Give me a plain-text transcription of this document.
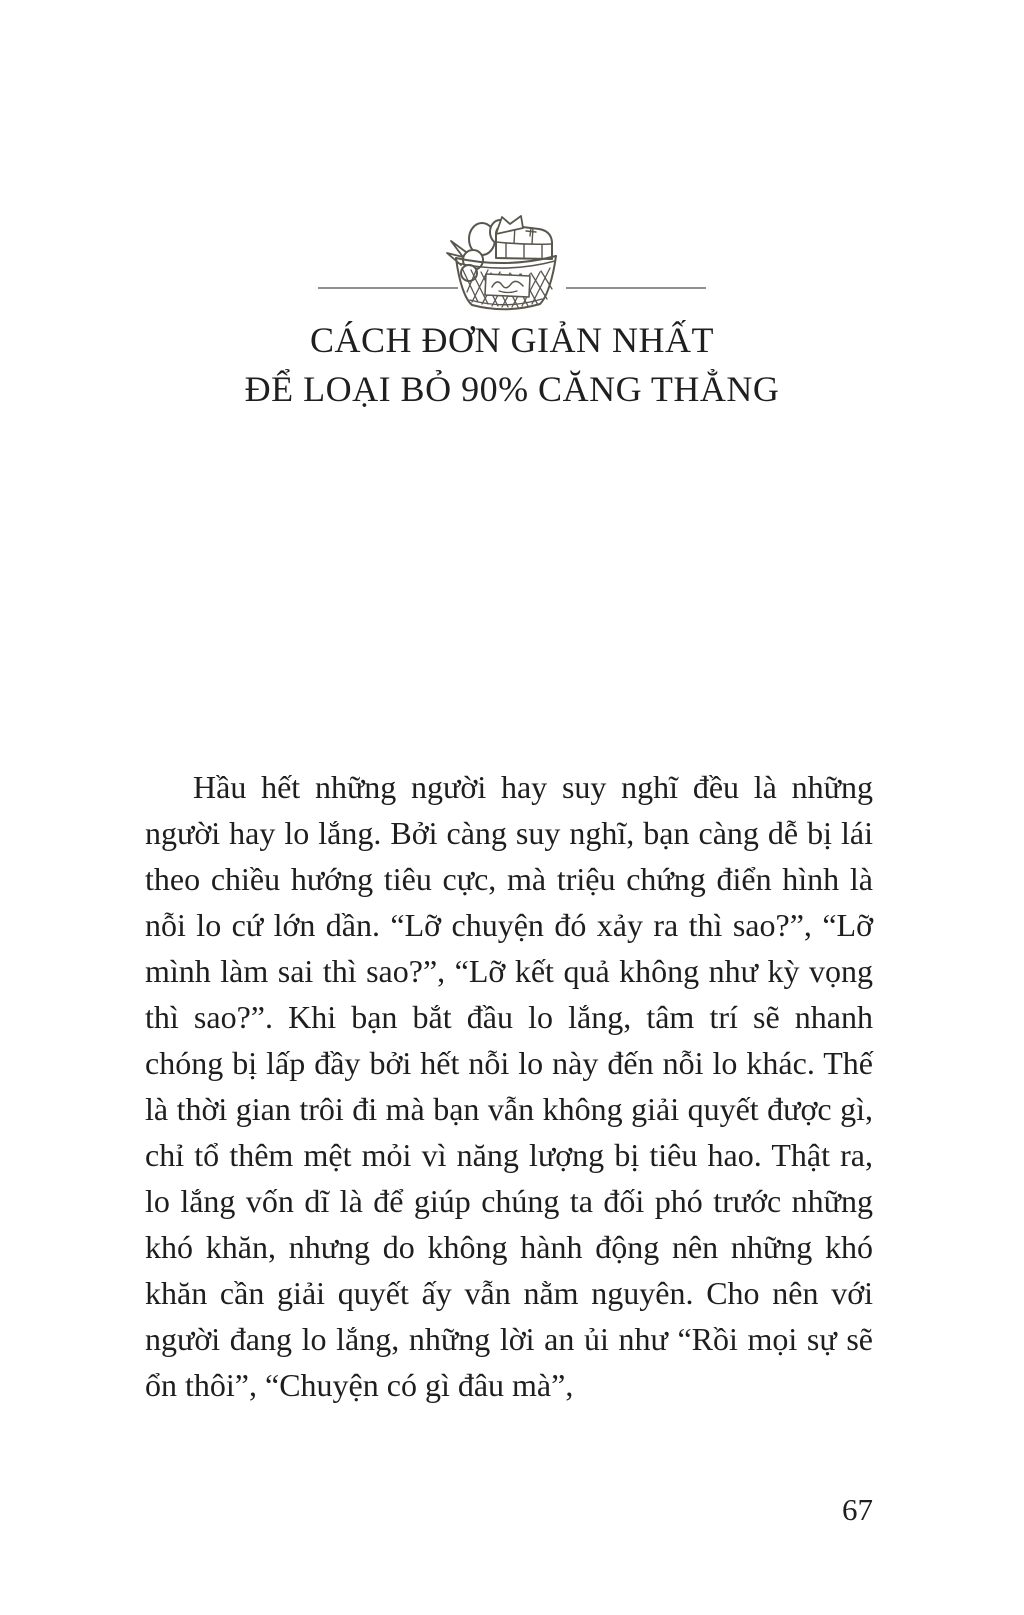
CÁCH ĐƠN GIẢN NHẤT
ĐỂ LOẠI BỎ 90% CĂNG THẲNG

Hầu hết những người hay suy nghĩ đều là những người hay lo lắng. Bởi càng suy nghĩ, bạn càng dễ bị lái theo chiều hướng tiêu cực, mà triệu chứng điển hình là nỗi lo cứ lớn dần. “Lỡ chuyện đó xảy ra thì sao?”, “Lỡ mình làm sai thì sao?”, “Lỡ kết quả không như kỳ vọng thì sao?”. Khi bạn bắt đầu lo lắng, tâm trí sẽ nhanh chóng bị lấp đầy bởi hết nỗi lo này đến nỗi lo khác. Thế là thời gian trôi đi mà bạn vẫn không giải quyết được gì, chỉ tổ thêm mệt mỏi vì năng lượng bị tiêu hao. Thật ra, lo lắng vốn dĩ là để giúp chúng ta đối phó trước những khó khăn, nhưng do không hành động nên những khó khăn cần giải quyết ấy vẫn nằm nguyên. Cho nên với người đang lo lắng, những lời an ủi như “Rồi mọi sự sẽ ổn thôi”, “Chuyện có gì đâu mà”,

67
